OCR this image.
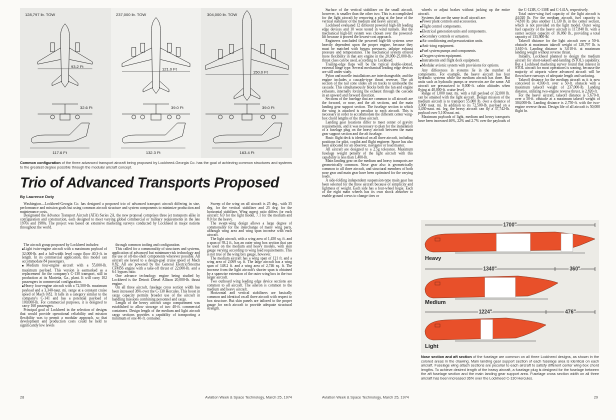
128,797 lb. TOW
93.2 Ft
32.6 Ft
117.6 Ft
237,000 lb. TOW
121.0 Ft
39.0 Ft
132.3 Ft
304,000 lb. TOW
150.0 Ft
39.0 Ft
163.4 Ft
Common configuration of the three advanced transport aircraft being proposed by Lockheed-Georgia Co. has the goal of achieving common structures and systems to the greatest degree possible through the modular aircraft concept.
Trio of Advanced Transports Proposed
By Laurence Doty

Washington—Lockheed-Georgia Co. has designed a proposed trio of advanced transport aircraft differing in size, performance and mission goals but using common aircraft structure and system components to minimize production and maintenance costs.

Designated the Advance Transport Aircraft (ATA) Series 2A, the new proposal comprises three jet transports alike in configuration and construction, each designed to meet varying global commercial or military requirements in the late 1970s and 1980s. The project was based on extensive marketing surveys conducted by Lockheed in major nations throughout the world.

The aircraft group proposed by Lockheed includes:

■ Light twin-engine aircraft with a maximum payload of 32,000-lb. and a full-width level cargo floor 40.3-ft. in length. In its commercial application, this model can accommodate 84 passengers.

■ Medium four-engine aircraft with a 55,000-lb. maximum payload. This version is earmarked as a replacement for the company's C-130 transport, still in production at its Marietta, Ga., plant. It will carry 102 passengers in commercial configuration.

■ Heavy four-engine aircraft with a 72,500-lb. maximum payload and a 3,340-naut. mi. range at a constant cruise speed of Mach 0.82. It falls in a category similar to the company's C-141 and has a potential payload of 100,000-lb. For commercial purposes, it is designed to carry 160 passengers.

Principal goal of Lockheed in the selection of designs that would provide operational reliability and mission flexibility was to permit a modular approach, so that development and production costs could be held to significantly low levels

through common tooling and configuration.

This called for a commonality of structures and systems, application of advanced but minimum-risk technology and the use of off-the-shelf components wherever possible. All aircraft are keyed to a design-goal cruise speed of Mach 0.82. All are powered by the General Electric/Snecma CFM56 engine with a take-off thrust of 22,000-lb. and a 6:1 bypass ratio.

One advance technology engine being studied by Lockheed is the Detroit Diesel Allison 20,000-lb. thrust engine.

On all three aircraft, fuselage cross section width has been increased 36% over the C-130 Hercules. This boost in cargo capacity permits broader use of the aircraft in handling missions combining personnel and cargo.

Length of the heavy aircraft cargo compartment was established to allow stowage of two 40-ft. commercial containers. Design length of the medium and light aircraft cargo sections provides a capability of transporting a minimum of one 40-ft. container.

Sweep of the wing on all aircraft is 25 deg., with 35 deg. for the vertical stabilizer and 25 deg. for the horizontal stabilizer. Wing aspect ratio differs for each aircraft: 6.0 for the light model, 7.1 for the medium and 8.0 for the heavy.

The swept-wing design allows a large degree of commonality for the interchange of many wing parts, although wing area and wing span increase with each aircraft.

The light aircraft, with a wing area of 1,450 sq. ft. and a span of 93.2 ft., has an outer wing box section that can be used on the medium and heavy models, with skin gauge varying according to wing load requirements. This is not true of the wing box gauge, however.

The medium aircraft has a wing span of 121 ft. and a wing area of 2,069 sq. ft. The large aircraft has a wing span of 148.2 ft. and a wing area of 2,746 sq. ft. The increase from the light aircraft's shorter span is obtained by a spanwise extension of the outer wing box in the two larger aircraft.

Two outboard wing leading edge device sections are common to all aircraft. The aileron is common to the medium and heavy aircraft.

Horizontal and vertical stabilizers are basically common and identical on all three aircraft with respect to box structure. But skin panels are tailored to the proper gauge for each aircraft to provide adequate structural strength.

28	Aviation Week & Space Technology, March 25, 1974

Surface of the vertical stabilizer on the small aircraft, however, is smaller than the other two. This is accomplished for the light aircraft by removing a plug at the base of the vertical stabilizer of the medium and heavy aircraft.

Lockheed evaluated 12 different powered high-lift leading edge devices and 10 were tested in wind tunnels. But the mechanical high-lift system was chosen over the powered-lift because it proved the lowest-cost approach.

Engineers concluded the powered high-lift systems were heavily dependent upon the proper engine, because they must be matched with bypass pressures, tailpipe exhaust pressure and temperatures. The mechanical system offered more flexibility in that any engine in the 20,000-25,000-lb.-thrust class can be used, according to Lockheed.

Trailing-edge flaps will be the typical double-slotted, external hinge type. Several mechanical leading edge devices are still under study.

Pylon and nacelle installations are interchangeable, and the engine includes a cascade-type thrust reverser. The aft section of the tail cone slides aft on tracks to unsheathe the cascade. This simultaneously blocks both the fan and engine exhausts, internally forcing the exhaust through the cascade in an upward and forward direction.

Sections of the fuselage that are common to all aircraft are the forward, or nose, and the aft sections, and the main landing gear support section. The fuselage section to which the wing is attached is peculiar to each aircraft. This is necessary in order to accommodate the different center wing-box chord lengths of the three aircraft.

Landing gear locations differ to meet center of gravity requirements, and it was necessary to plan for the installation of a fuselage plug on the heavy aircraft between the main gear support section and the aft fuselage.

Basic flight deck is identical on all three aircraft, including positions for pilot, copilot and flight engineer. Space has also been allocated for an observer, navigator or load master.

All aircraft are designed to a 2.5g tolerance. Maximum fuselage weight penalty of the light aircraft with this capability is less than 1,400-lb.

Main landing gear on the medium and heavy transports are geometrically common. Nose gear also is geometrically common to all three aircraft, and structural members of both nose gear and main gear have been optimized for the varying loads.

A side-folding independent suspension-type main gear has been selected for the three aircraft because of simplicity and lightness of weight. Each side has a four-wheel bogie. Each of the eight main wheels has its own shock absorber to enable ground crews to change tires or

wheels or adjust brakes without jacking up the entire aircraft.

Systems that are the same in all aircraft are:

■ Power plant controls and accessories.

■ Flight control components.

■ Electrical generation units and components.

■ Secondary controls or actuators.

■ Air conditioning and pressurization units.

■ Anti-icing equipment.

■ Fuel system pumps and components.

■ Oxygen system equipment.

■ Instruments and flight deck equipment.

■ Modular avionic system with provisions for options.

Any differences in systems lie in the number of components. For example, the heavy aircraft has four hydraulic systems while the medium aircraft has three. But units such as hydraulic pumps or reservoirs are the same. All aircraft are pressurized to 8,000-ft. cabin altitudes when flying at 40,000-ft. cruise level.

Range of 1,000 naut. mi. with a full payload of 32,000 lb. can be attained with the light aircraft. Design mission of the medium aircraft is to transport 55,000 lb. over a distance of 3,000 naut. mi. In addition to its 72,500-lb. payload on a 3,430-naut. mi. leg, the heavy aircraft can fly a 37,742-lb. payload over 5,100 naut. mi.

Maximum payloads of light, medium and heavy transports have been increased 46%, 22% and 2.7% over the payloads of

the C-123B, C-130E and C-141A, respectively.

Total outer-wing fuel capacity of the light aircraft is 44,020 lb. For the medium aircraft, fuel capacity is 74,810 lb. plus another 11,130 lb. in the center section, which is not provided on the light model. Outer wing fuel capacity of the heavy aircraft is 117,840 lb. with a center section capacity of 16,060 lb., providing a total capacity of 133,900-lb.

Takeoff distance for the light aircraft over a 50-ft. obstacle at maximum takeoff weight of 128,797 lb. is 3,610-ft. Landing distance is 3,010-ft. at maximum landing weight without reverse thrust.

Initially, Lockheed planned to design the medium aircraft for short-takeoff-and-landing (STOL) capability. But a Lockheed marketing survey found that interest in STOL aircraft for most operations is waning, because the majority of airports where advanced aircraft will be flown have runways of adequate length and surfacing.

Takeoff distance for the medium aircraft as it is now conceived is 4,930-ft. over a 50-ft. obstacle with a maximum takeoff weight of 237,000-lb. Landing distance, utilizing two-engine reverse thrust, is 2,820-ft.

For the heavy aircraft, takeoff distance is 5,670-ft. over a 50-ft. obstacle at a maximum takeoff weight of 304,000-lb. Landing distance is 2,750-ft. with the two-engine reverse thrust. Design life of all aircraft is 50,000 flight hr.

1700"
Heavy
1340"	360"
Medium
1224"	476"
Light
Nose section and aft section of the fuselage are common on all three Lockheed designs, as shown in the colored areas in the drawing. Main landing gear support section of each fuselage area is identical on each aircraft. Fuselage wing attach sections are peculiar to each aircraft to satisfy different center wing-box chord lengths. To achieve desired length of the heavy aircraft, a fuselage plug is designed for the fuselage between the aft fuselage section and the main landing gear support area. Fuselage cross section width on all three aircraft has been increased 36% over the Lockheed C-130 Hercules.
Aviation Week & Space Technology, March 25, 1974	29
